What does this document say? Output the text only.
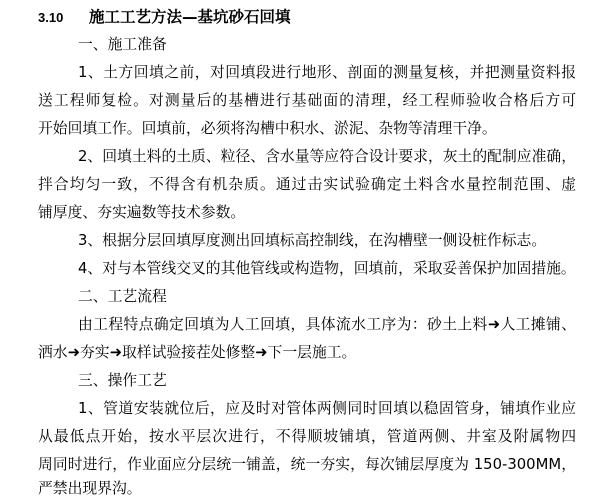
3.10 施工工艺方法—基坑砂石回填
一、施工准备
1、土方回填之前，对回填段进行地形、剖面的测量复核，并把测量资料报
送工程师复检。对测量后的基槽进行基础面的清理，经工程师验收合格后方可
开始回填工作。回填前，必须将沟槽中积水、淤泥、杂物等清理干净。
2、回填土料的土质、粒径、含水量等应符合设计要求，灰土的配制应准确，
拌合均匀一致，不得含有机杂质。通过击实试验确定土料含水量控制范围、虚
铺厚度、夯实遍数等技术参数。
3、根据分层回填厚度测出回填标高控制线，在沟槽壁一侧设桩作标志。
4、对与本管线交叉的其他管线或构造物，回填前，采取妥善保护加固措施。
二、工艺流程
由工程特点确定回填为人工回填，具体流水工序为：砂土上料➜人工摊铺、
洒水➜夯实➜取样试验接茬处修整➜下一层施工。
三、操作工艺
1、管道安装就位后，应及时对管体两侧同时回填以稳固管身，铺填作业应
从最低点开始，按水平层次进行，不得顺坡铺填，管道两侧、井室及附属物四
周同时进行，作业面应分层统一铺盖，统一夯实，每次铺层厚度为 150-300MM，
严禁出现界沟。
